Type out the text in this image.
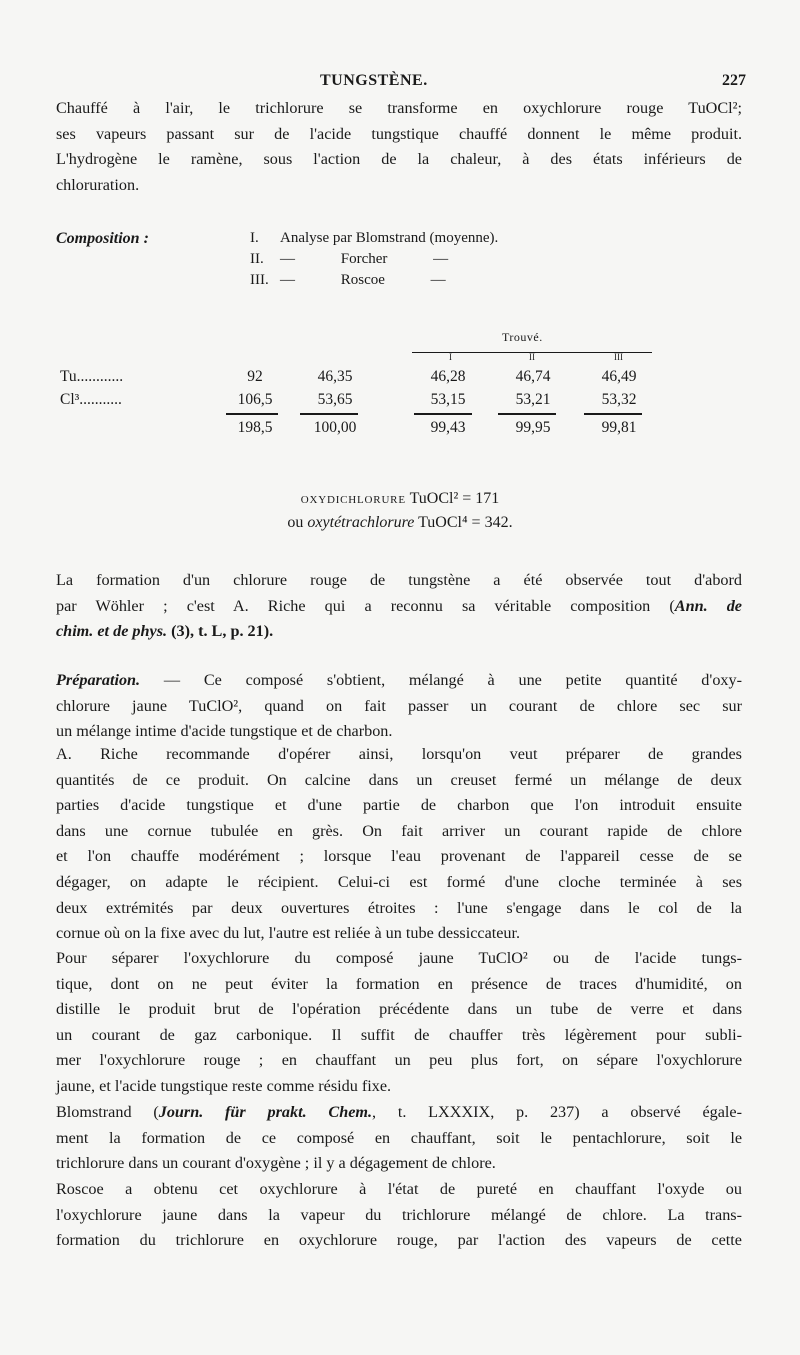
TUNGSTÈNE.	227
Chauffé à l'air, le trichlorure se transforme en oxychlorure rouge TuOCl²;
ses vapeurs passant sur de l'acide tungstique chauffé donnent le même produit.
L'hydrogène le ramène, sous l'action de la chaleur, à des états inférieurs de
chloruration.
Composition :	I.	Analyse par Blomstrand (moyenne).
II.	— Forcher —
III. — Roscoe —
Trouvé.
I	II	III
Tu............	92	46,35	46,28	46,74	46,49
Cl³...........	106,5	53,65	53,15	53,21	53,32
198,5	100,00	99,43	99,95	99,81
oxydichlorure TuOCl² = 171
ou oxytétrachlorure TuOCl⁴ = 342.
La formation d'un chlorure rouge de tungstène a été observée tout d'abord
par Wöhler ; c'est A. Riche qui a reconnu sa véritable composition (Ann. de
chim. et de phys. (3), t. L, p. 21).
Préparation. — Ce composé s'obtient, mélangé à une petite quantité d'oxy-
chlorure jaune TuClO², quand on fait passer un courant de chlore sec sur
un mélange intime d'acide tungstique et de charbon.
A. Riche recommande d'opérer ainsi, lorsqu'on veut préparer de grandes
quantités de ce produit. On calcine dans un creuset fermé un mélange de deux
parties d'acide tungstique et d'une partie de charbon que l'on introduit ensuite
dans une cornue tubulée en grès. On fait arriver un courant rapide de chlore
et l'on chauffe modérément ; lorsque l'eau provenant de l'appareil cesse de se
dégager, on adapte le récipient. Celui-ci est formé d'une cloche terminée à ses
deux extrémités par deux ouvertures étroites : l'une s'engage dans le col de la
cornue où on la fixe avec du lut, l'autre est reliée à un tube dessiccateur.
Pour séparer l'oxychlorure du composé jaune TuClO² ou de l'acide tungs-
tique, dont on ne peut éviter la formation en présence de traces d'humidité, on
distille le produit brut de l'opération précédente dans un tube de verre et dans
un courant de gaz carbonique. Il suffit de chauffer très légèrement pour subli-
mer l'oxychlorure rouge ; en chauffant un peu plus fort, on sépare l'oxychlorure
jaune, et l'acide tungstique reste comme résidu fixe.
Blomstrand (Journ. für prakt. Chem., t. LXXXIX, p. 237) a observé égale-
ment la formation de ce composé en chauffant, soit le pentachlorure, soit le
trichlorure dans un courant d'oxygène ; il y a dégagement de chlore.
Roscoe a obtenu cet oxychlorure à l'état de pureté en chauffant l'oxyde ou
l'oxychlorure jaune dans la vapeur du trichlorure mélangé de chlore. La trans-
formation du trichlorure en oxychlorure rouge, par l'action des vapeurs de cette
